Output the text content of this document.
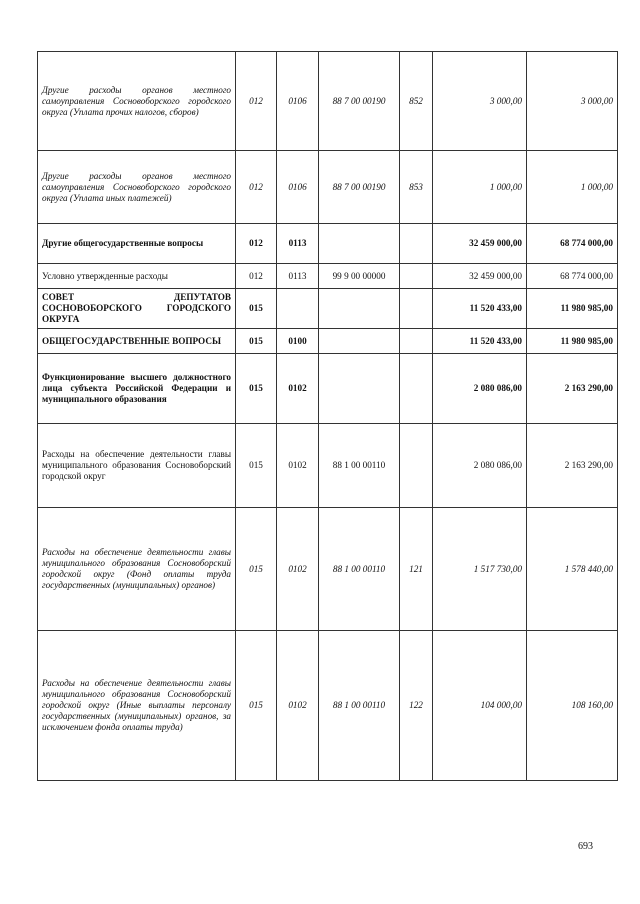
Другие расходы органов местного самоуправления Сосновоборского городского округа (Уплата прочих налогов, сборов)	012	0106	88 7 00 00190	852	3 000,00	3 000,00
Другие расходы органов местного самоуправления Сосновоборского городского округа (Уплата иных платежей)	012	0106	88 7 00 00190	853	1 000,00	1 000,00
Другие общегосударственные вопросы	012	0113			32 459 000,00	68 774 000,00
Условно утвержденные расходы	012	0113	99 9 00 00000		32 459 000,00	68 774 000,00
СОВЕТ ДЕПУТАТОВ СОСНОВОБОРСКОГО ГОРОДСКОГО ОКРУГА	015				11 520 433,00	11 980 985,00
ОБЩЕГОСУДАРСТВЕННЫЕ ВОПРОСЫ	015	0100			11 520 433,00	11 980 985,00
Функционирование высшего должностного лица субъекта Российской Федерации и муниципального образования	015	0102			2 080 086,00	2 163 290,00
Расходы на обеспечение деятельности главы муниципального образования Сосновоборский городской округ	015	0102	88 1 00 00110		2 080 086,00	2 163 290,00
Расходы на обеспечение деятельности главы муниципального образования Сосновоборский городской округ (Фонд оплаты труда государственных (муниципальных) органов)	015	0102	88 1 00 00110	121	1 517 730,00	1 578 440,00
Расходы на обеспечение деятельности главы муниципального образования Сосновоборский городской округ (Иные выплаты персоналу государственных (муниципальных) органов, за исключением фонда оплаты труда)	015	0102	88 1 00 00110	122	104 000,00	108 160,00
693
